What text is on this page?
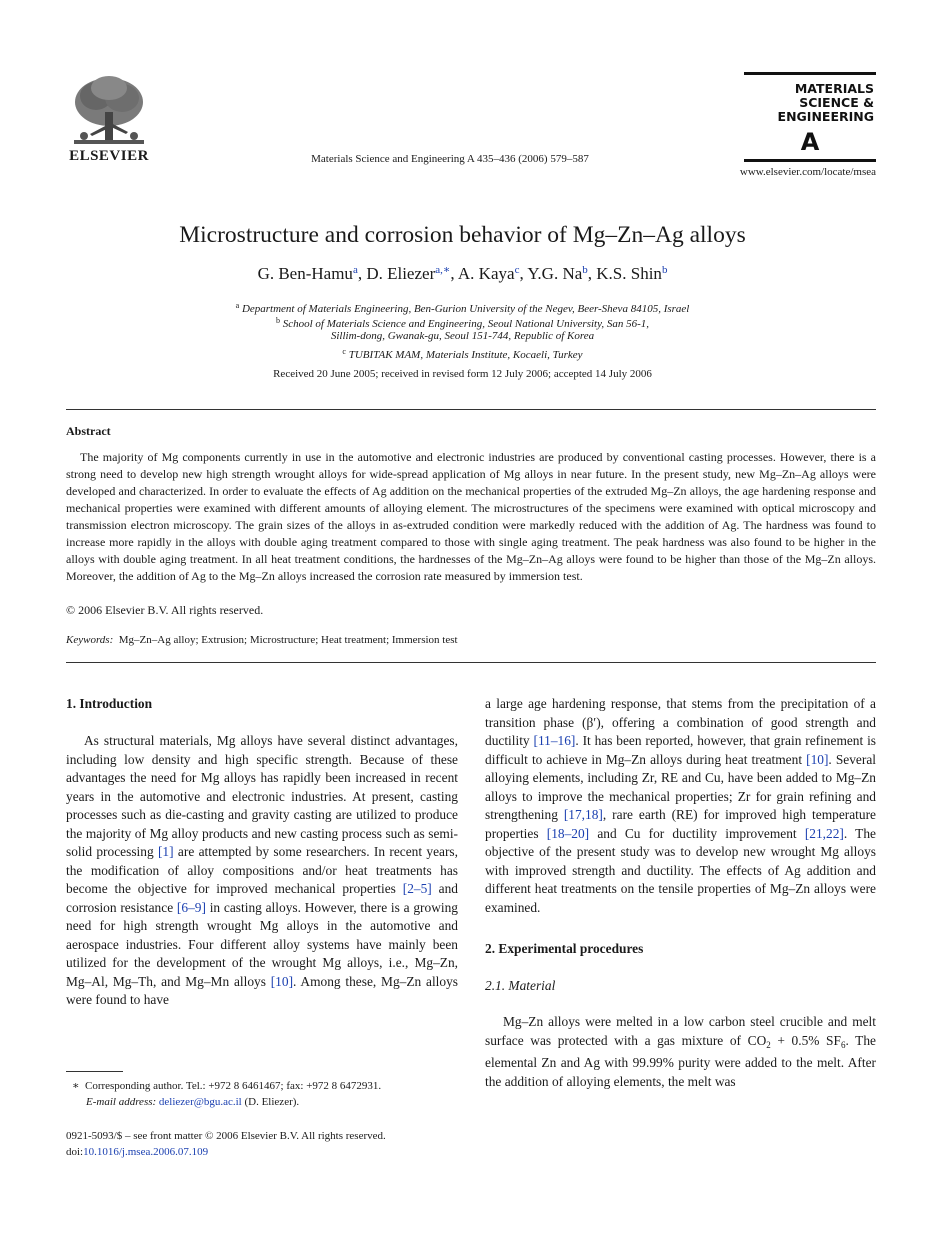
ELSEVIER	Materials Science and Engineering A 435–436 (2006) 579–587
MATERIALS
SCIENCE &
ENGINEERING
A
www.elsevier.com/locate/msea
Microstructure and corrosion behavior of Mg–Zn–Ag alloys
G. Ben-Hamu$^a$, D. Eliezer$^{a,∗}$, A. Kaya$^c$, Y.G. Na$^b$, K.S. Shin$^b$
$^a$ Department of Materials Engineering, Ben-Gurion University of the Negev, Beer-Sheva 84105, Israel
$^b$ School of Materials Science and Engineering, Seoul National University, San 56-1,
Sillim-dong, Gwanak-gu, Seoul 151-744, Republic of Korea
$^c$ TUBITAK MAM, Materials Institute, Kocaeli, Turkey
Received 20 June 2005; received in revised form 12 July 2006; accepted 14 July 2006
Abstract
The majority of Mg components currently in use in the automotive and electronic industries are produced by conventional casting processes. However, there is a strong need to develop new high strength wrought alloys for wide-spread application of Mg alloys in near future. In the present study, new Mg–Zn–Ag alloys were developed and characterized. In order to evaluate the effects of Ag addition on the mechanical properties of the extruded Mg–Zn alloys, the age hardening response and mechanical properties were examined with different amounts of alloying element. The microstructures of the specimens were examined with optical microscopy and transmission electron microscopy. The grain sizes of the alloys in as-extruded condition were markedly reduced with the addition of Ag. The hardness was found to increase more rapidly in the alloys with double aging treatment compared to those with single aging treatment. The peak hardness was also found to be higher in the alloys with double aging treatment. In all heat treatment conditions, the hardnesses of the Mg–Zn–Ag alloys were found to be higher than those of the Mg–Zn alloys. Moreover, the addition of Ag to the Mg–Zn alloys increased the corrosion rate measured by immersion test.
© 2006 Elsevier B.V. All rights reserved.
Keywords: Mg–Zn–Ag alloy; Extrusion; Microstructure; Heat treatment; Immersion test
1. Introduction

As structural materials, Mg alloys have several distinct advantages, including low density and high specific strength. Because of these advantages the need for Mg alloys has rapidly been increased in recent years in the automotive and electronic industries. At present, casting processes such as die-casting and gravity casting are utilized to produce the majority of Mg alloy products and new casting process such as semi-solid processing [1] are attempted by some researchers. In recent years, the modification of alloy compositions and/or heat treatments has become the objective for improved mechanical properties [2–5] and corrosion resistance [6–9] in casting alloys. However, there is a growing need for high strength wrought Mg alloys in the automotive and aerospace industries. Four different alloy systems have mainly been utilized for the development of the wrought Mg alloys, i.e., Mg–Zn, Mg–Al, Mg–Th, and Mg–Mn alloys [10]. Among these, Mg–Zn alloys were found to have

a large age hardening response, that stems from the precipitation of a transition phase (β′), offering a combination of good strength and ductility [11–16]. It has been reported, however, that grain refinement is difficult to achieve in Mg–Zn alloys during heat treatment [10]. Several alloying elements, including Zr, RE and Cu, have been added to Mg–Zn alloys to improve the mechanical properties; Zr for grain refining and strengthening [17,18], rare earth (RE) for improved high temperature properties [18–20] and Cu for ductility improvement [21,22]. The objective of the present study was to develop new wrought Mg alloys with improved strength and ductility. The effects of Ag addition and different heat treatments on the tensile properties of Mg–Zn alloys were examined.

2. Experimental procedures
2.1. Material

Mg–Zn alloys were melted in a low carbon steel crucible and melt surface was protected with a gas mixture of $CO_2 + 0.5\%$ $SF_6$. The elemental Zn and Ag with 99.99% purity were added to the melt. After the addition of alloying elements, the melt was

∗ Corresponding author. Tel.: +972 8 6461467; fax: +972 8 6472931.
E-mail address: deliezer@bgu.ac.il (D. Eliezer).
0921-5093/$ – see front matter © 2006 Elsevier B.V. All rights reserved.
doi:10.1016/j.msea.2006.07.109
